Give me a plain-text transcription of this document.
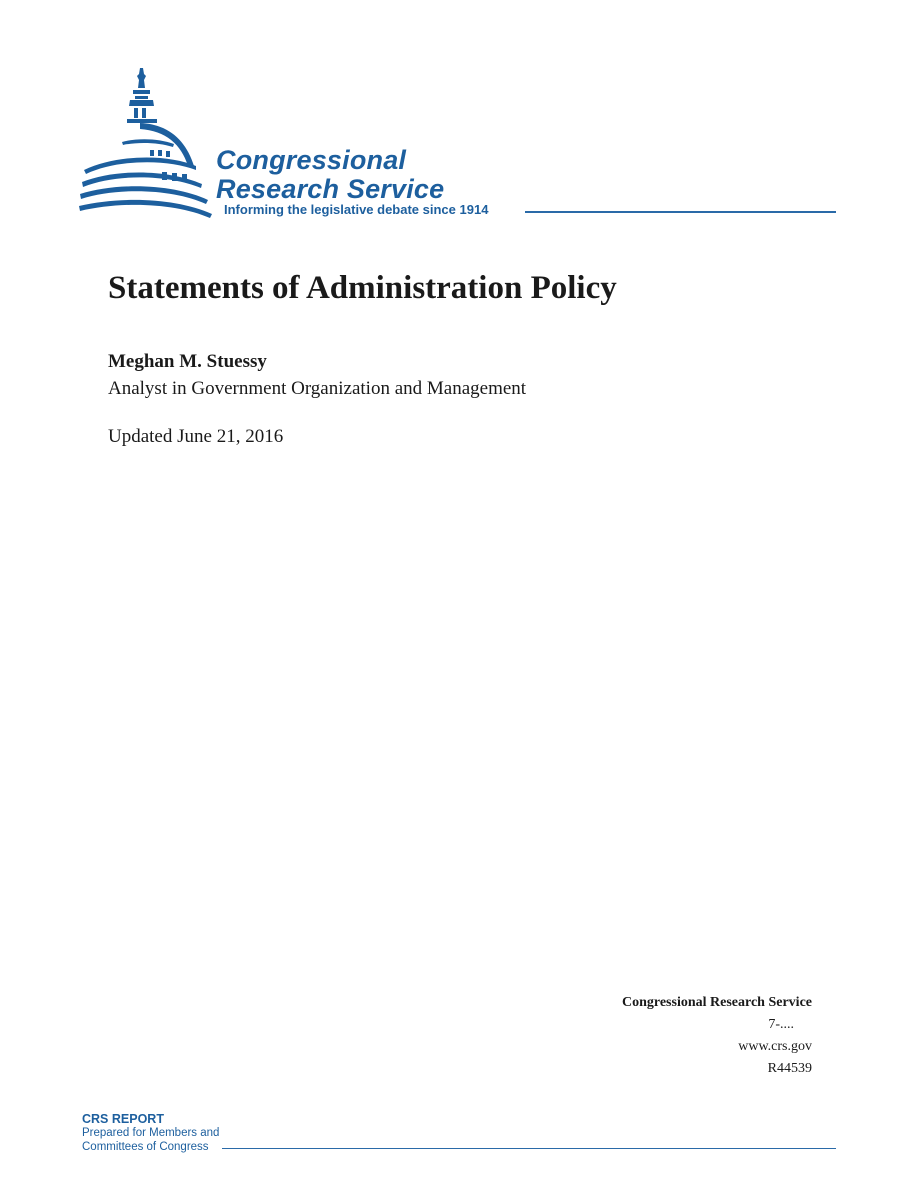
Congressional
Research Service
Informing the legislative debate since 1914
Statements of Administration Policy
Meghan M. Stuessy
Analyst in Government Organization and Management
Updated June 21, 2016
Congressional Research Service
7-....
www.crs.gov
R44539
CRS REPORT
Prepared for Members and
Committees of Congress
